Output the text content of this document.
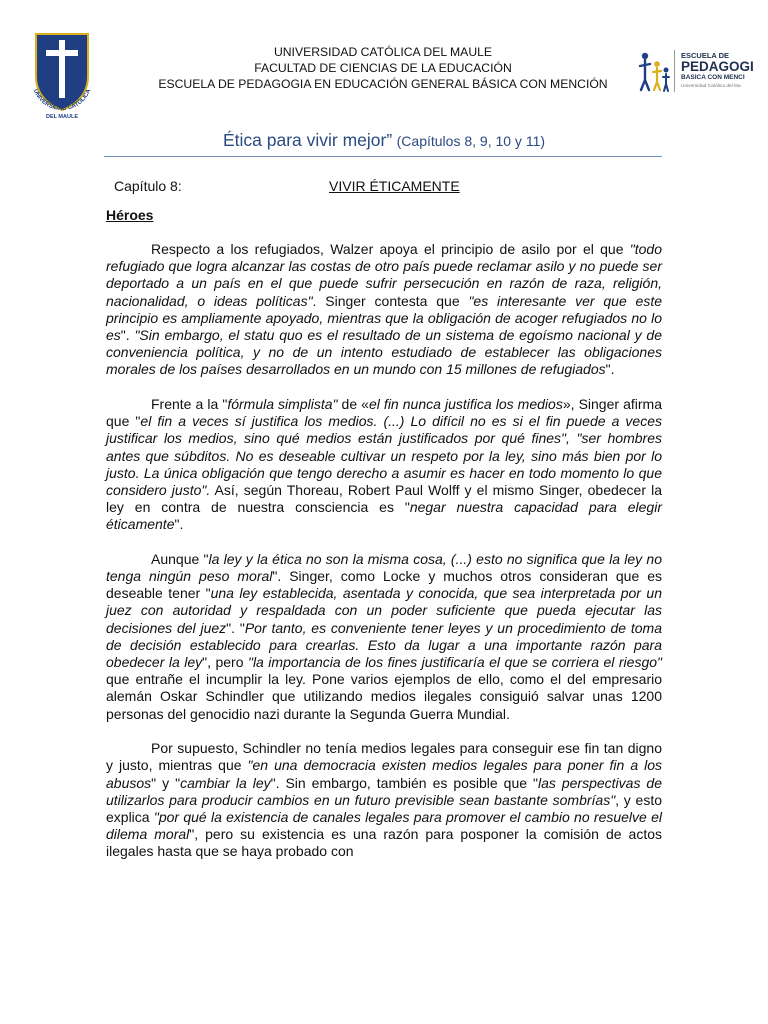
UNIVERSIDAD CATÓLICA
DEL MAULE
UNIVERSIDAD CATÓLICA DEL MAULE
FACULTAD DE CIENCIAS DE LA EDUCACIÓN
ESCUELA DE PEDAGOGIA EN EDUCACIÓN GENERAL BÁSICA CON MENCIÓN
ESCUELA DE
PEDAGOGI
BASICA CON MENCI
Universidad Católica del Ma
Ética para vivir mejor” (Capítulos 8, 9, 10 y 11)
Capítulo 8:	VIVIR ÉTICAMENTE
Héroes

Respecto a los refugiados, Walzer apoya el principio de asilo por el que "todo refugiado que logra alcanzar las costas de otro país puede reclamar asilo y no puede ser deportado a un país en el que puede sufrir persecución en razón de raza, religión, nacionalidad, o ideas políticas". Singer contesta que "es interesante ver que este principio es ampliamente apoyado, mientras que la obligación de acoger refugiados no lo es". "Sin embargo, el statu quo es el resultado de un sistema de egoísmo nacional y de conveniencia política, y no de un intento estudiado de establecer las obligaciones morales de los países desarrollados en un mundo con 15 millones de refugiados".

Frente a la "fórmula simplista" de «el fin nunca justifica los medios», Singer afirma que "el fin a veces sí justifica los medios. (...) Lo difícil no es si el fin puede a veces justificar los medios, sino qué medios están justificados por qué fines", "ser hombres antes que súbditos. No es deseable cultivar un respeto por la ley, sino más bien por lo justo. La única obligación que tengo derecho a asumir es hacer en todo momento lo que considero justo". Así, según Thoreau, Robert Paul Wolff y el mismo Singer, obedecer la ley en contra de nuestra consciencia es "negar nuestra capacidad para elegir éticamente".

Aunque "la ley y la ética no son la misma cosa, (...) esto no significa que la ley no tenga ningún peso moral". Singer, como Locke y muchos otros consideran que es deseable tener "una ley establecida, asentada y conocida, que sea interpretada por un juez con autoridad y respaldada con un poder suficiente que pueda ejecutar las decisiones del juez". "Por tanto, es conveniente tener leyes y un procedimiento de toma de decisión establecido para crearlas. Esto da lugar a una importante razón para obedecer la ley", pero "la importancia de los fines justificaría el que se corriera el riesgo" que entrañe el incumplir la ley. Pone varios ejemplos de ello, como el del empresario alemán Oskar Schindler que utilizando medios ilegales consiguió salvar unas 1200 personas del genocidio nazi durante la Segunda Guerra Mundial.

Por supuesto, Schindler no tenía medios legales para conseguir ese fin tan digno y justo, mientras que "en una democracia existen medios legales para poner fin a los abusos" y "cambiar la ley". Sin embargo, también es posible que "las perspectivas de utilizarlos para producir cambios en un futuro previsible sean bastante sombrías", y esto explica "por qué la existencia de canales legales para promover el cambio no resuelve el dilema moral", pero su existencia es una razón para posponer la comisión de actos ilegales hasta que se haya probado con
